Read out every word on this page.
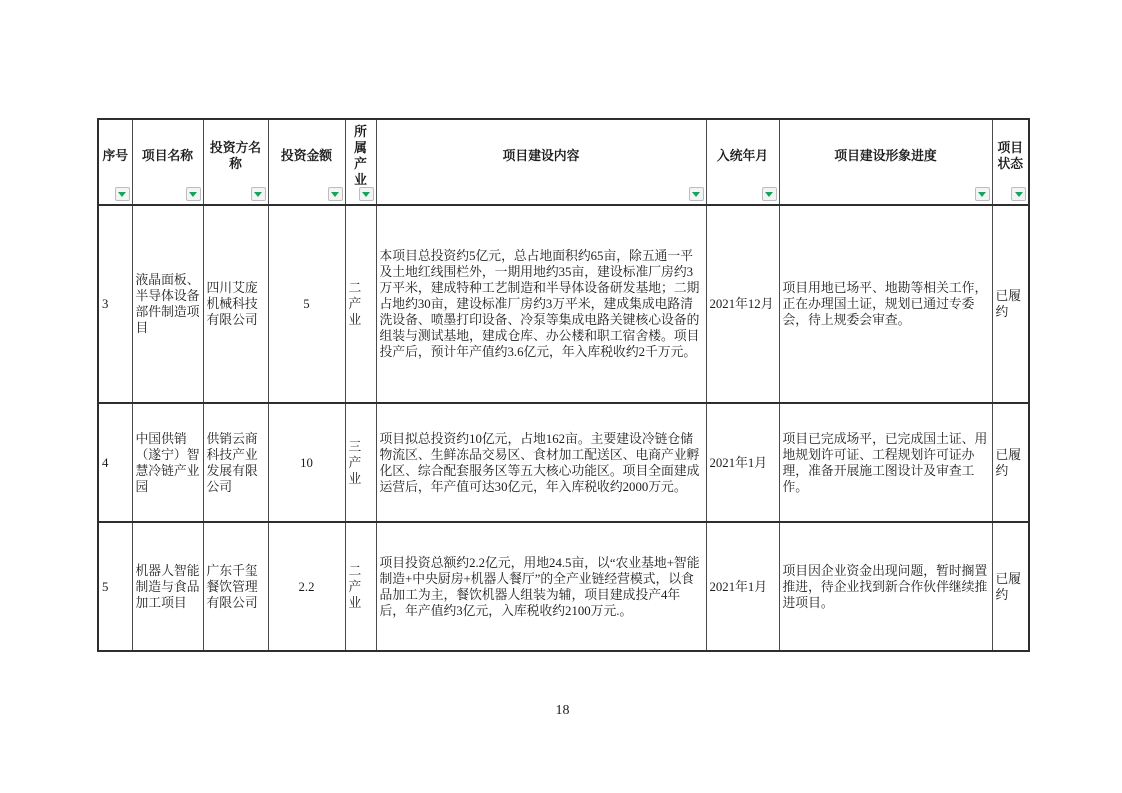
序号	项目名称	投资方名称	投资金额	所属产业	项目建设内容	入统年月	项目建设形象进度	项目状态

3	液晶面板、半导体设备部件制造项目	四川艾庞机械科技有限公司	5	二产业	本项目总投资约5亿元，总占地面积约65亩，除五通一平及土地红线围栏外，一期用地约35亩，建设标准厂房约3万平米，建成特种工艺制造和半导体设备研发基地；二期占地约30亩，建设标准厂房约3万平米，建成集成电路清洗设备、喷墨打印设备、冷泵等集成电路关键核心设备的组装与测试基地，建成仓库、办公楼和职工宿舍楼。项目投产后，预计年产值约3.6亿元，年入库税收约2千万元。	2021年12月	项目用地已场平、地勘等相关工作，正在办理国土证，规划已通过专委会，待上规委会审查。	已履约
4	中国供销（遂宁）智慧冷链产业园	供销云商科技产业发展有限公司	10	三产业	项目拟总投资约10亿元，占地162亩。主要建设冷链仓储物流区、生鲜冻品交易区、食材加工配送区、电商产业孵化区、综合配套服务区等五大核心功能区。项目全面建成运营后，年产值可达30亿元，年入库税收约2000万元。	2021年1月	项目已完成场平，已完成国土证、用地规划许可证、工程规划许可证办理，准备开展施工图设计及审查工作。	已履约
5	机器人智能制造与食品加工项目	广东千玺餐饮管理有限公司	2.2	二产业	项目投资总额约2.2亿元，用地24.5亩，以“农业基地+智能制造+中央厨房+机器人餐厅”的全产业链经营模式，以食品加工为主，餐饮机器人组装为辅，项目建成投产4年后，年产值约3亿元，入库税收约2100万元.。	2021年1月	项目因企业资金出现问题，暂时搁置推进，待企业找到新合作伙伴继续推进项目。	已履约
18
